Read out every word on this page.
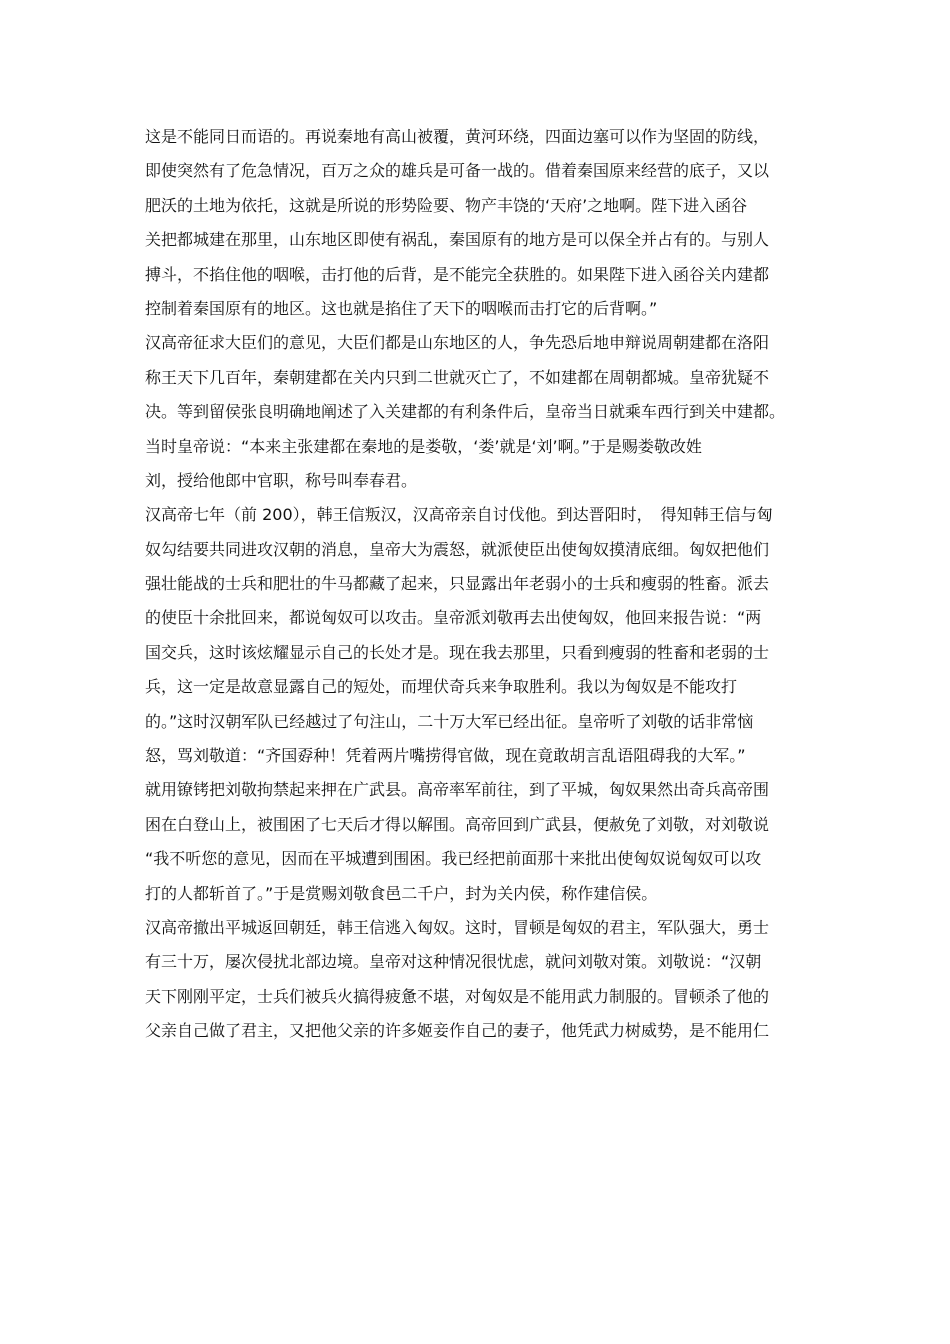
这是不能同日而语的。再说秦地有高山被覆，黄河环绕，四面边塞可以作为坚固的防线，
即使突然有了危急情况，百万之众的雄兵是可备一战的。借着秦国原来经营的底子，又以
肥沃的土地为依托，这就是所说的形势险要、物产丰饶的‘天府’之地啊。陛下进入函谷
关把都城建在那里，山东地区即使有祸乱，秦国原有的地方是可以保全并占有的。与别人
搏斗，不掐住他的咽喉，击打他的后背，是不能完全获胜的。如果陛下进入函谷关内建都
控制着秦国原有的地区。这也就是掐住了天下的咽喉而击打它的后背啊。”
汉高帝征求大臣们的意见，大臣们都是山东地区的人，争先恐后地申辩说周朝建都在洛阳
称王天下几百年，秦朝建都在关内只到二世就灭亡了，不如建都在周朝都城。皇帝犹疑不
决。等到留侯张良明确地阐述了入关建都的有利条件后，皇帝当日就乘车西行到关中建都。
当时皇帝说：“本来主张建都在秦地的是娄敬，‘娄’就是‘刘’啊。”于是赐娄敬改姓
刘，授给他郎中官职，称号叫奉春君。
汉高帝七年（前 200），韩王信叛汉，汉高帝亲自讨伐他。到达晋阳时，　得知韩王信与匈
奴勾结要共同进攻汉朝的消息，皇帝大为震怒，就派使臣出使匈奴摸清底细。匈奴把他们
强壮能战的士兵和肥壮的牛马都藏了起来，只显露出年老弱小的士兵和瘦弱的牲畜。派去
的使臣十余批回来，都说匈奴可以攻击。皇帝派刘敬再去出使匈奴，他回来报告说：“两
国交兵，这时该炫耀显示自己的长处才是。现在我去那里，只看到瘦弱的牲畜和老弱的士
兵，这一定是故意显露自己的短处，而埋伏奇兵来争取胜利。我以为匈奴是不能攻打
的。”这时汉朝军队已经越过了句注山，二十万大军已经出征。皇帝听了刘敬的话非常恼
怒，骂刘敬道：“齐国孬种！凭着两片嘴捞得官做，现在竟敢胡言乱语阻碍我的大军。”
就用镣铐把刘敬拘禁起来押在广武县。高帝率军前往，到了平城，匈奴果然出奇兵高帝围
困在白登山上，被围困了七天后才得以解围。高帝回到广武县，便赦免了刘敬，对刘敬说
“我不听您的意见，因而在平城遭到围困。我已经把前面那十来批出使匈奴说匈奴可以攻
打的人都斩首了。”于是赏赐刘敬食邑二千户，封为关内侯，称作建信侯。
汉高帝撤出平城返回朝廷，韩王信逃入匈奴。这时，冒顿是匈奴的君主，军队强大，勇士
有三十万，屡次侵扰北部边境。皇帝对这种情况很忧虑，就问刘敬对策。刘敬说：“汉朝
天下刚刚平定，士兵们被兵火搞得疲惫不堪，对匈奴是不能用武力制服的。冒顿杀了他的
父亲自己做了君主，又把他父亲的许多姬妾作自己的妻子，他凭武力树威势，是不能用仁
